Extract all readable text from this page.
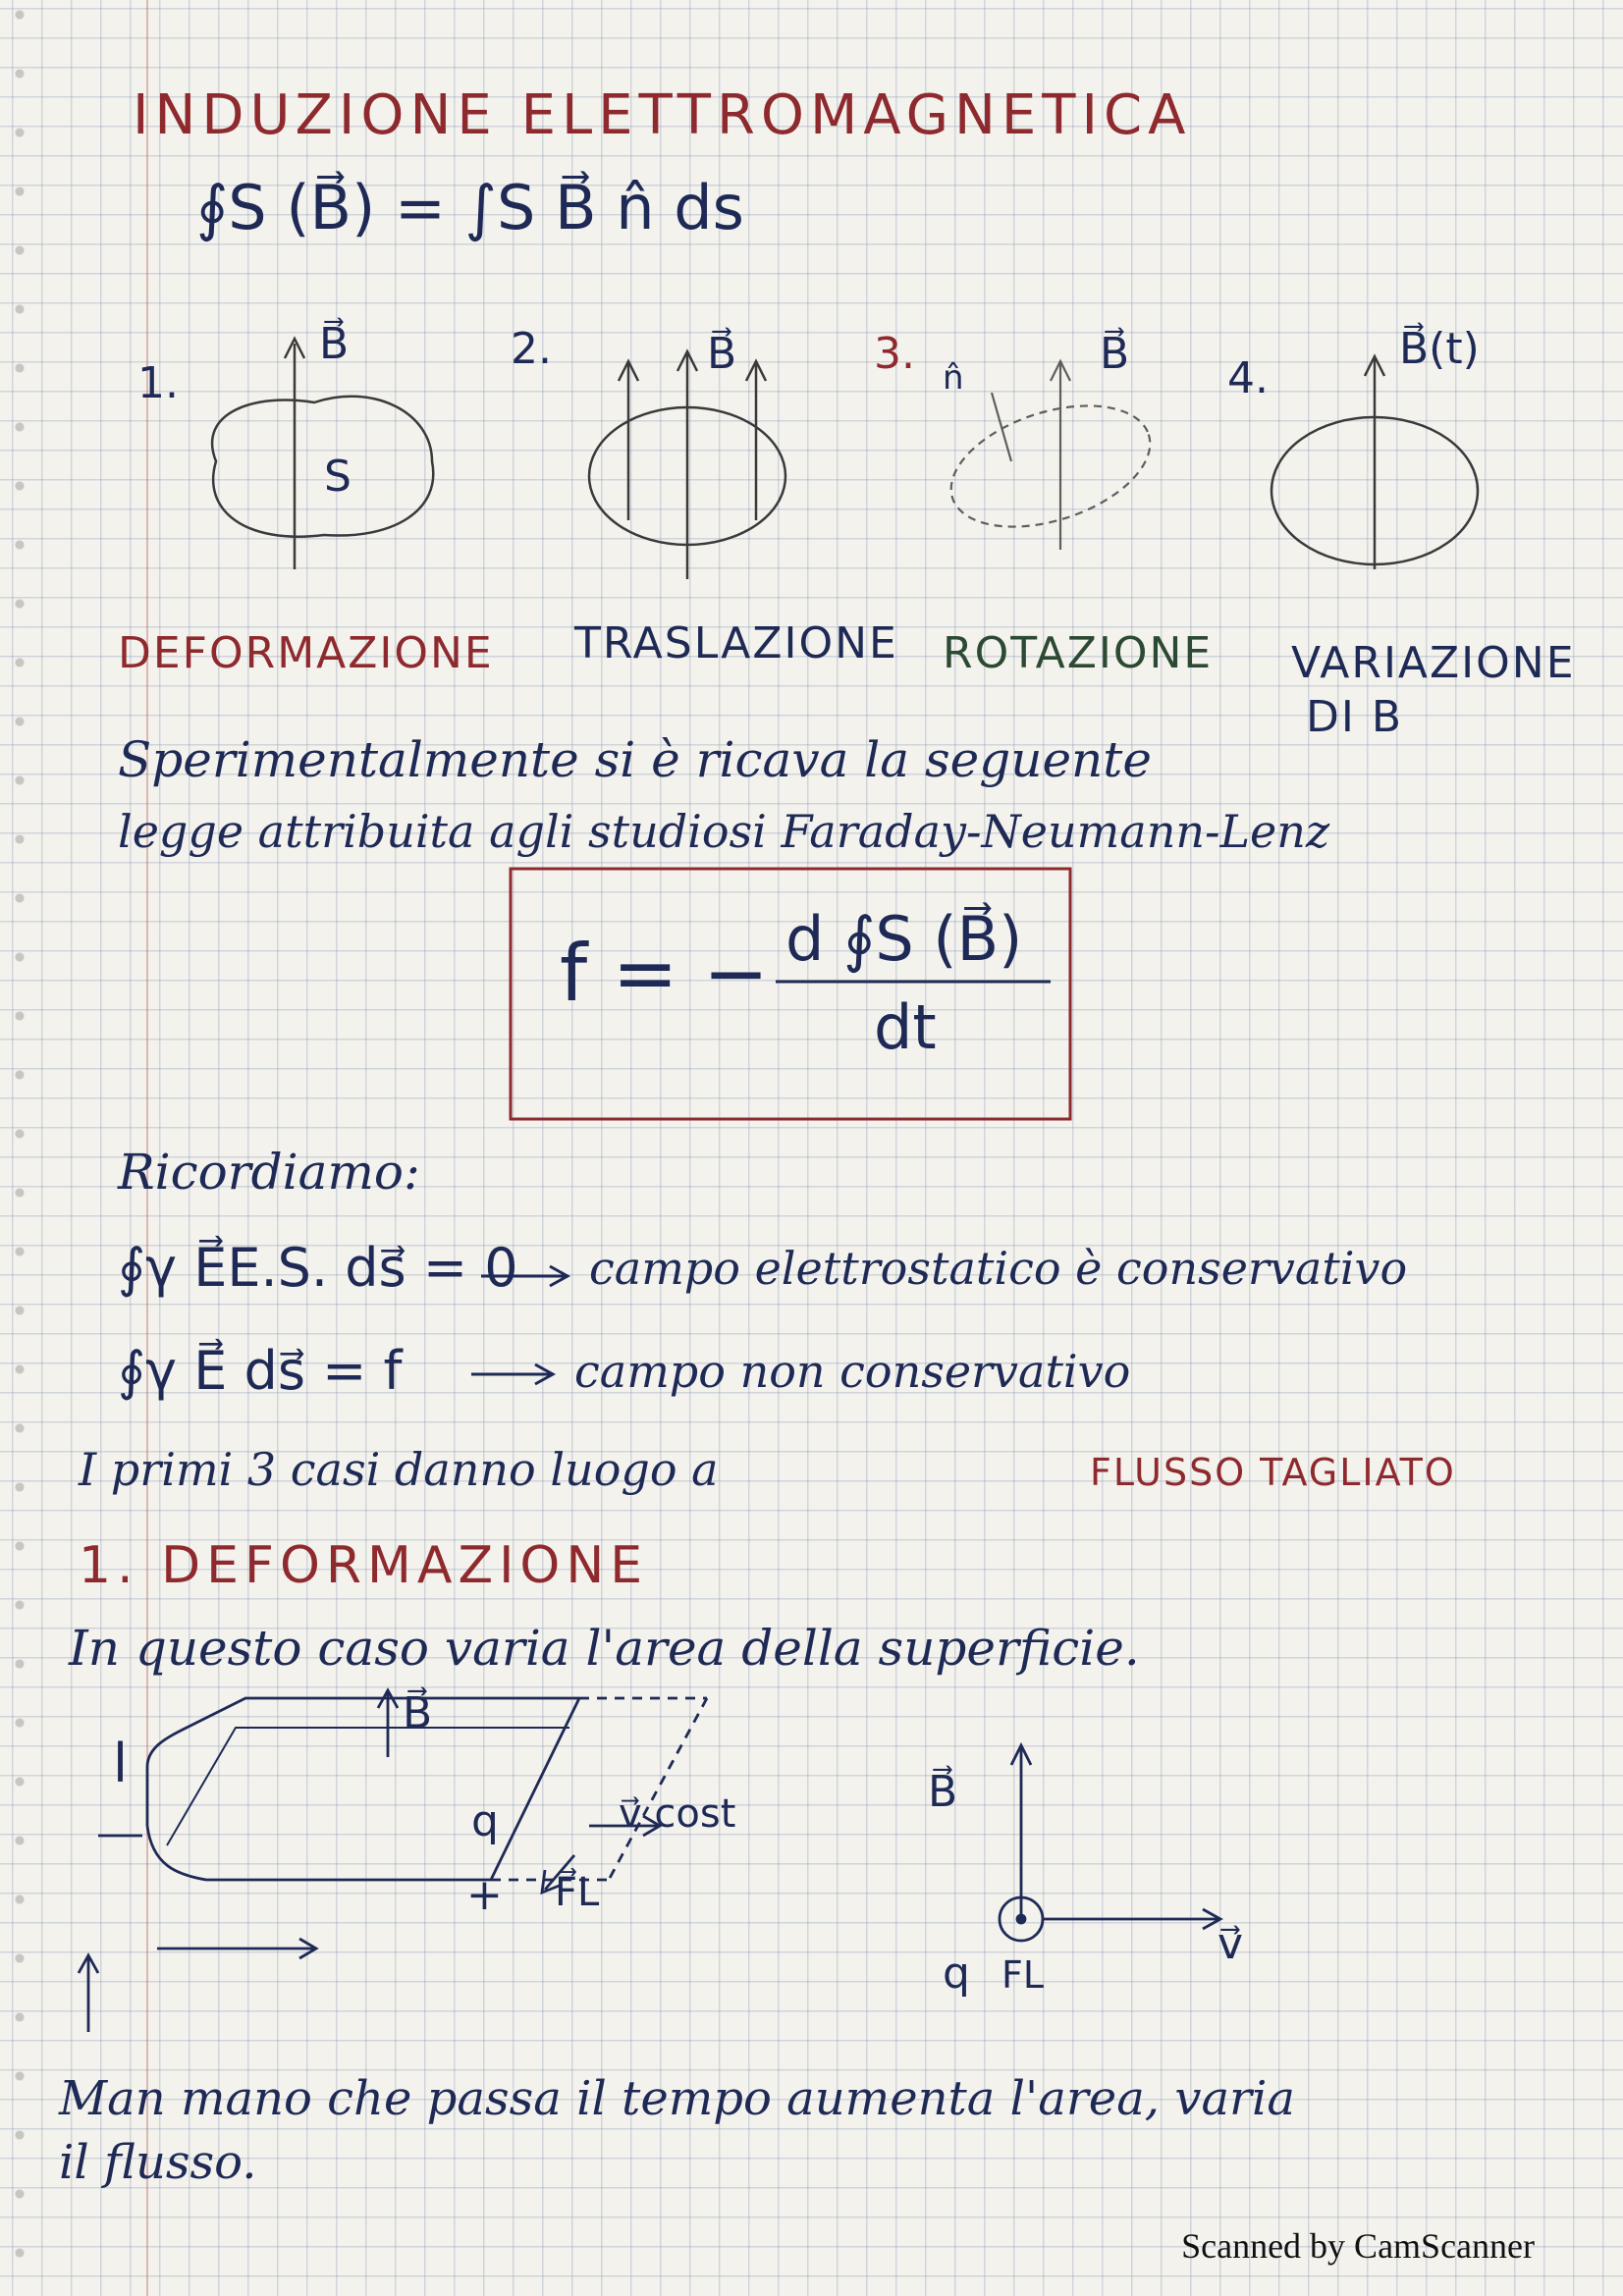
INDUZIONE ELETTROMAGNETICA
∮S (B⃗) = ∫S B⃗ n̂ ds
1.
2.	3.	4.
B⃗	B⃗	B⃗	B⃗(t)
S
n̂
DEFORMAZIONE TRASLAZIONE ROTAZIONE VARIAZIONE
DI B
Sperimentalmente si è ricava la seguente
legge attribuita agli studiosi Faraday-Neumann-Lenz
f = − d ∮S (B⃗)
dt
Ricordiamo:
∮γ E⃗E.S. ds⃗ = 0 campo elettrostatico è conservativo
∮γ E⃗ ds⃗ = f	campo non conservativo
I primi 3 casi danno luogo a	FLUSSO TAGLIATO
1. DEFORMAZIONE
In questo caso varia l'area della superficie.
l
B⃗
q	v⃗ cost
F⃗L
+
B⃗
q FL
v⃗
Man mano che passa il tempo aumenta l'area, varia
il flusso.
Scanned by CamScanner
